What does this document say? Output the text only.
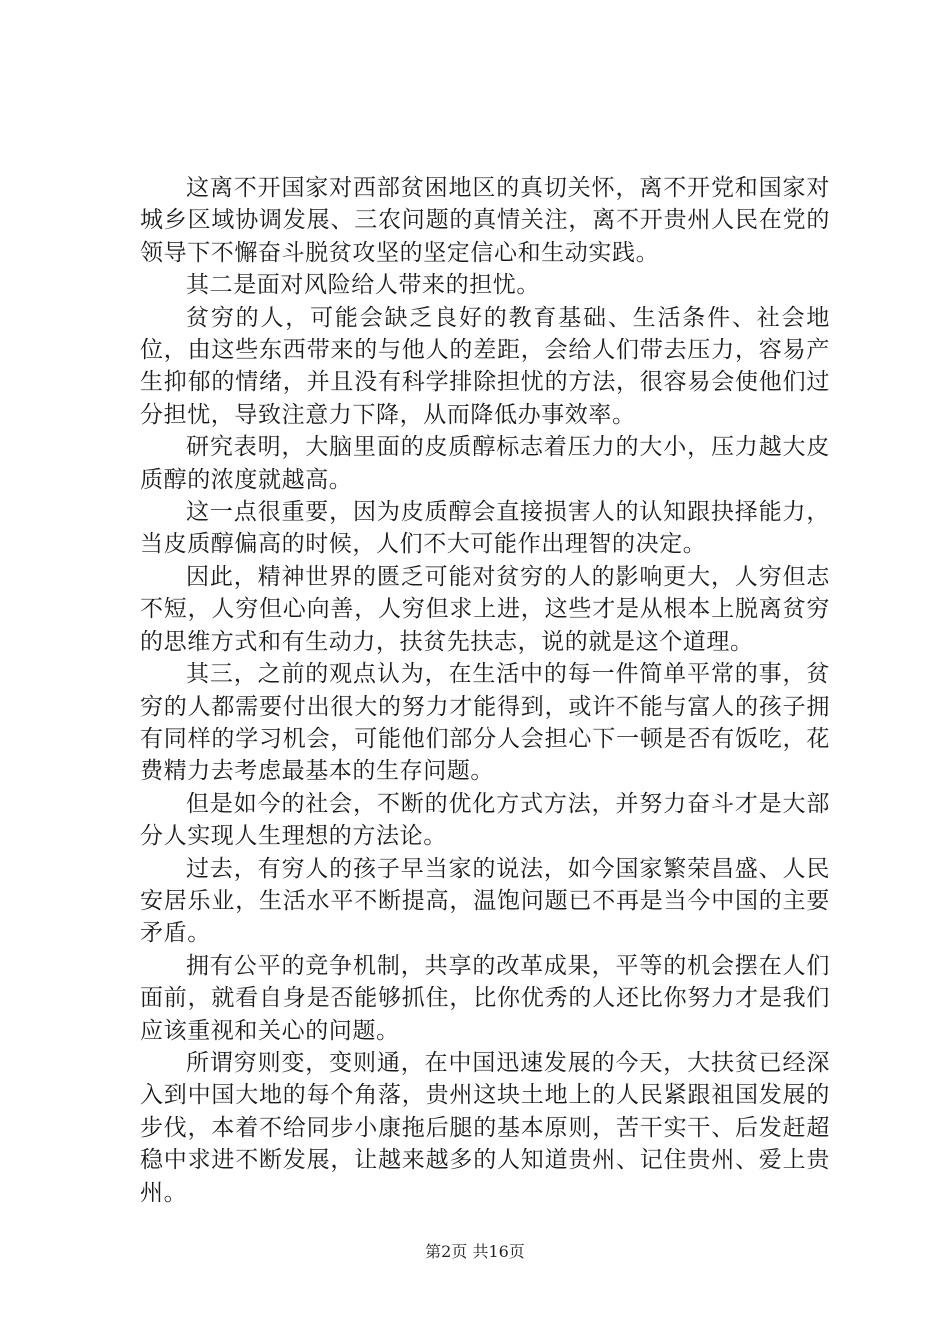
这离不开国家对西部贫困地区的真切关怀，离不开党和国家对城乡区域协调发展、三农问题的真情关注，离不开贵州人民在党的领导下不懈奋斗脱贫攻坚的坚定信心和生动实践。

其二是面对风险给人带来的担忧。

贫穷的人，可能会缺乏良好的教育基础、生活条件、社会地位，由这些东西带来的与他人的差距，会给人们带去压力，容易产生抑郁的情绪，并且没有科学排除担忧的方法，很容易会使他们过分担忧，导致注意力下降，从而降低办事效率。

研究表明，大脑里面的皮质醇标志着压力的大小，压力越大皮质醇的浓度就越高。

这一点很重要，因为皮质醇会直接损害人的认知跟抉择能力，当皮质醇偏高的时候，人们不大可能作出理智的决定。

因此，精神世界的匮乏可能对贫穷的人的影响更大，人穷但志不短，人穷但心向善，人穷但求上进，这些才是从根本上脱离贫穷的思维方式和有生动力，扶贫先扶志，说的就是这个道理。

其三，之前的观点认为，在生活中的每一件简单平常的事，贫穷的人都需要付出很大的努力才能得到，或许不能与富人的孩子拥有同样的学习机会，可能他们部分人会担心下一顿是否有饭吃，花费精力去考虑最基本的生存问题。

但是如今的社会，不断的优化方式方法，并努力奋斗才是大部分人实现人生理想的方法论。

过去，有穷人的孩子早当家的说法，如今国家繁荣昌盛、人民安居乐业，生活水平不断提高，温饱问题已不再是当今中国的主要矛盾。

拥有公平的竞争机制，共享的改革成果，平等的机会摆在人们面前，就看自身是否能够抓住，比你优秀的人还比你努力才是我们应该重视和关心的问题。

所谓穷则变，变则通，在中国迅速发展的今天，大扶贫已经深入到中国大地的每个角落，贵州这块土地上的人民紧跟祖国发展的步伐，本着不给同步小康拖后腿的基本原则，苦干实干、后发赶超稳中求进不断发展，让越来越多的人知道贵州、记住贵州、爱上贵州。

第2页 共16页
